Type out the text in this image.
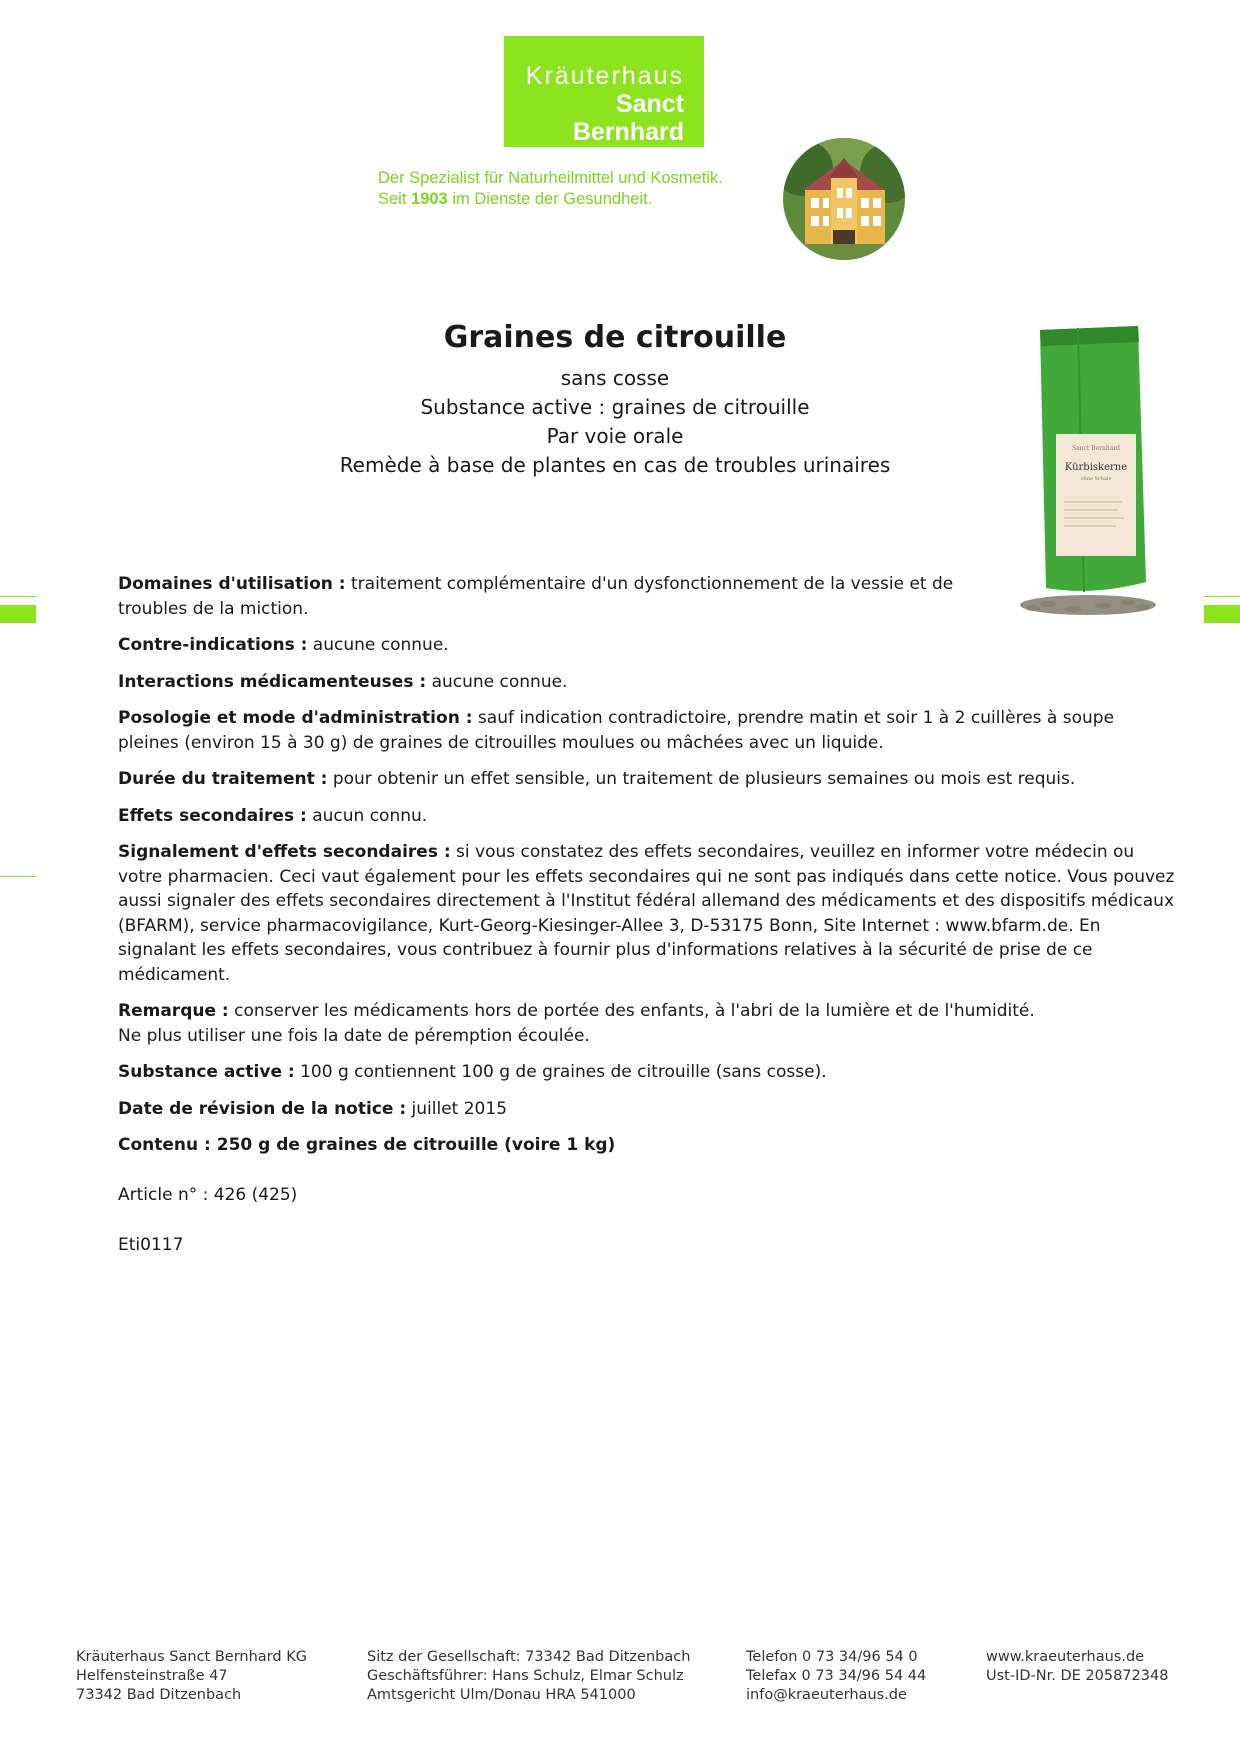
Kräuterhaus
Sanct Bernhard
Der Spezialist für Naturheilmittel und Kosmetik.
Seit 1903 im Dienste der Gesundheit.
Graines de citrouille
sans cosse
Substance active : graines de citrouille
Par voie orale
Remède à base de plantes en cas de troubles urinaires
Sanct Bernhard
Kürbiskerne
ohne Schale

Domaines d'utilisation : traitement complémentaire d'un dysfonctionnement de la vessie et de troubles de la miction.

Contre-indications : aucune connue.

Interactions médicamenteuses : aucune connue.

Posologie et mode d'administration : sauf indication contradictoire, prendre matin et soir 1 à 2 cuillères à soupe pleines (environ 15 à 30 g) de graines de citrouilles moulues ou mâchées avec un liquide.

Durée du traitement : pour obtenir un effet sensible, un traitement de plusieurs semaines ou mois est requis.

Effets secondaires : aucun connu.

Signalement d'effets secondaires : si vous constatez des effets secondaires, veuillez en informer votre médecin ou votre pharmacien. Ceci vaut également pour les effets secondaires qui ne sont pas indiqués dans cette notice. Vous pouvez aussi signaler des effets secondaires directement à l'Institut fédéral allemand des médicaments et des dispositifs médicaux (BFARM), service pharmacovigilance, Kurt-Georg-Kiesinger-Allee 3, D-53175 Bonn, Site Internet : www.bfarm.de. En signalant les effets secondaires, vous contribuez à fournir plus d'informations relatives à la sécurité de prise de ce médicament.

Remarque : conserver les médicaments hors de portée des enfants, à l'abri de la lumière et de l'humidité.
Ne plus utiliser une fois la date de péremption écoulée.

Substance active : 100 g contiennent 100 g de graines de citrouille (sans cosse).

Date de révision de la notice : juillet 2015

Contenu : 250 g de graines de citrouille (voire 1 kg)

Article n° : 426 (425)
Eti0117
Kräuterhaus Sanct Bernhard KG
Helfensteinstraße 47
73342 Bad Ditzenbach
Sitz der Gesellschaft: 73342 Bad Ditzenbach
Geschäftsführer: Hans Schulz, Elmar Schulz
Amtsgericht Ulm/Donau HRA 541000
Telefon 0 73 34/96 54 0
Telefax 0 73 34/96 54 44
info@kraeuterhaus.de
www.kraeuterhaus.de
Ust-ID-Nr. DE 205872348
